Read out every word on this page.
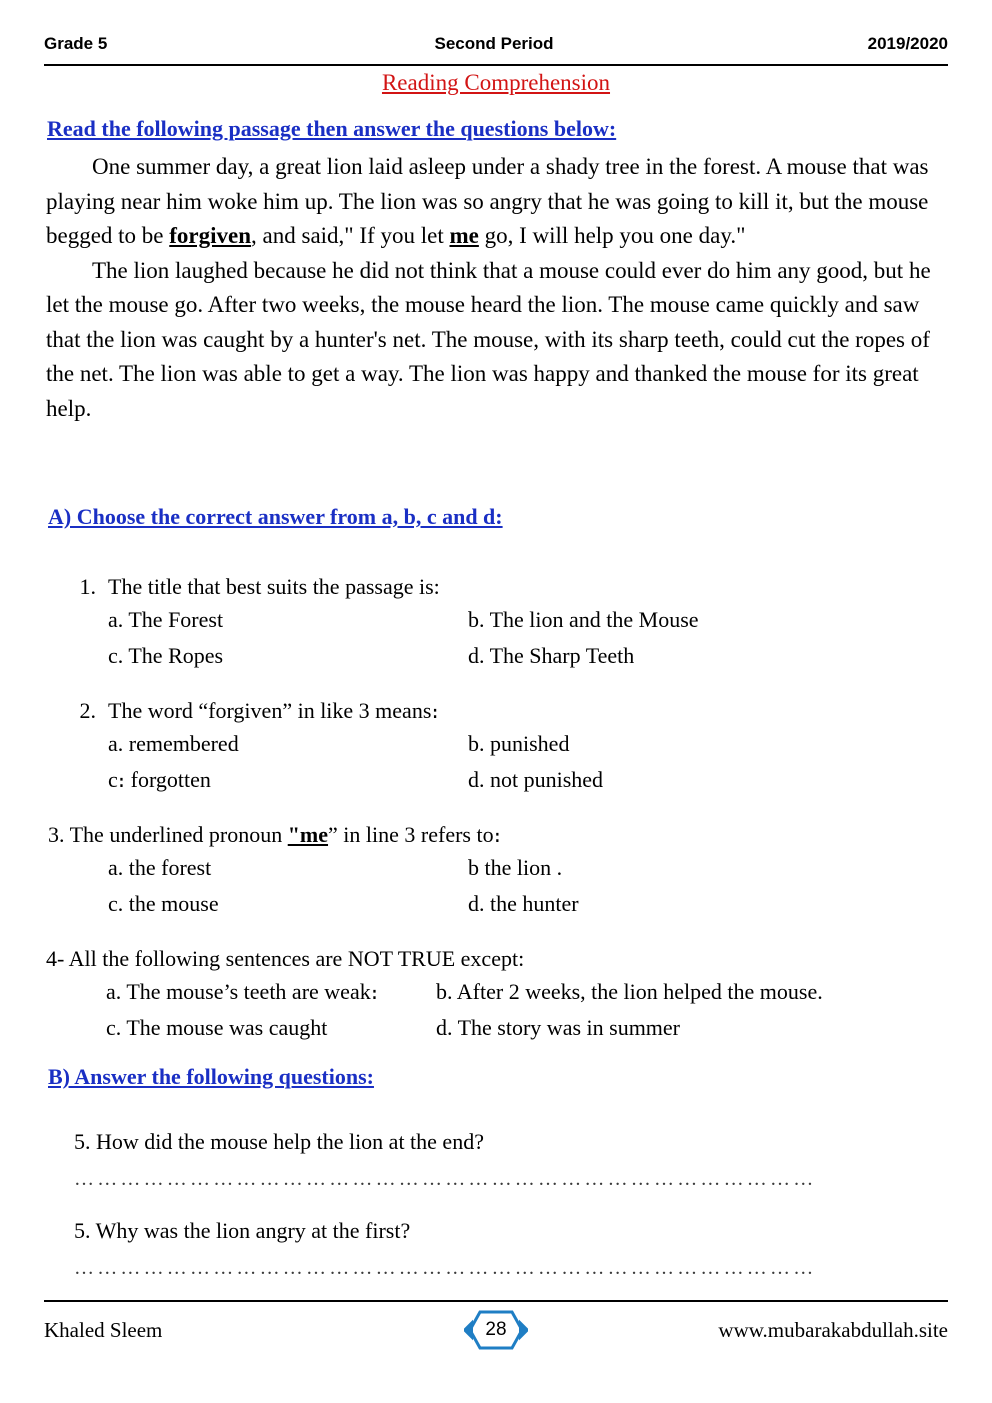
Grade 5	Second Period	2019/2020
Reading Comprehension
Read the following passage then answer the questions below:

One summer day, a great lion laid asleep under a shady tree in the forest. A mouse that was playing near him woke him up. The lion was so angry that he was going to kill it, but the mouse begged to be forgiven, and said," If you let me go, I will help you one day."

The lion laughed because he did not think that a mouse could ever do him any good, but he let the mouse go. After two weeks, the mouse heard the lion. The mouse came quickly and saw that the lion was caught by a hunter's net. The mouse, with its sharp teeth, could cut the ropes of the net. The lion was able to get a way. The lion was happy and thanked the mouse for its great help.

A) Choose the correct answer from a, b, c and d:
1. The title that best suits the passage is:
a. The Forest	b. The lion and the Mouse
c. The Ropes	d. The Sharp Teeth
2. The word “forgiven” in like 3 means։
a. remembered	b. punished
c։ forgotten	d. not punished
3. The underlined pronoun "me” in line 3 refers to։
a. the forest	b the lion .
c. the mouse	d. the hunter
4- All the following sentences are NOT TRUE except:
a. The mouse’s teeth are weak։	b. After 2 weeks, the lion helped the mouse.
c. The mouse was caught	d. The story was in summer
B) Answer the following questions:
5. How did the mouse help the lion at the end?
……………………………………………………………………………………
5. Why was the lion angry at the first?
……………………………………………………………………………………
Khaled Sleem	28	www.mubarakabdullah.site
